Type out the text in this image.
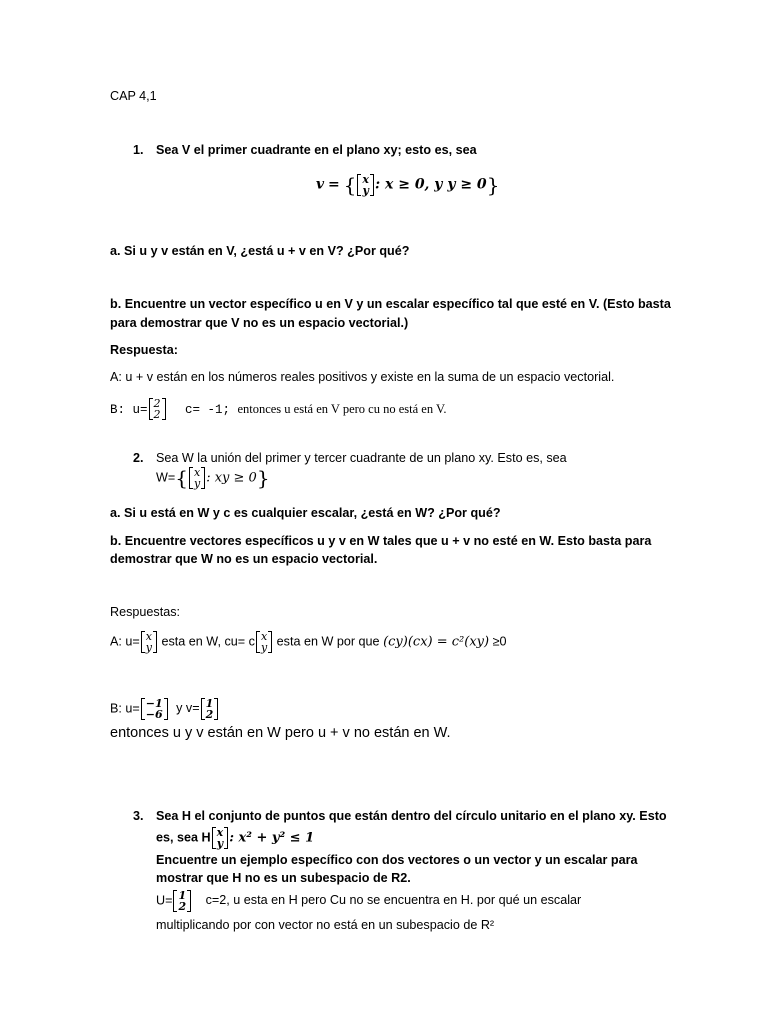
CAP 4,1
1. Sea V el primer cuadrante en el plano xy; esto es, sea
v = { x
y : x ≥ 0, y y ≥ 0}
a. Si u y v están en V, ¿está u + v en V? ¿Por qué?
b. Encuentre un vector específico u en V y un escalar específico tal que esté en V. (Esto basta
para demostrar que V no es un espacio vectorial.)
Respuesta:
A: u + v están en los números reales positivos y existe en la suma de un espacio vectorial.
B: u= 2
2 c= -1; entonces u está en V pero cu no está en V.
2. Sea W la unión del primer y tercer cuadrante de un plano xy. Esto es, sea
W={ x
y : xy ≥ 0}
a. Si u está en W y c es cualquier escalar, ¿está en W? ¿Por qué?
b. Encuentre vectores específicos u y v en W tales que u + v no esté en W. Esto basta para
demostrar que W no es un espacio vectorial.
Respuestas:
A: u= x
y esta en W, cu= c x
y esta en W por que (cy)(cx) = c²(xy) ≥0
B: u= −1
−6 y v= 1
2
entonces u y v están en W pero u + v no están en W.
3. Sea H el conjunto de puntos que están dentro del círculo unitario en el plano xy. Esto
es, sea H x
y : x² + y² ≤ 1
Encuentre un ejemplo específico con dos vectores o un vector y un escalar para
mostrar que H no es un subespacio de R2.
U= 1
2 c=2, u esta en H pero Cu no se encuentra en H. por qué un escalar
multiplicando por con vector no está en un subespacio de R²
